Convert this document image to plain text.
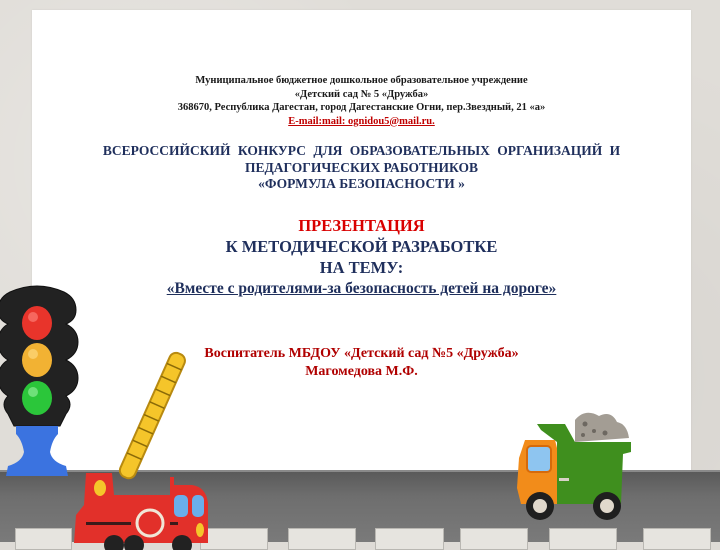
Муниципальное бюджетное дошкольное образовательное учреждение
«Детский сад № 5 «Дружба»
368670, Республика Дагестан, город Дагестанские Огни, пер.Звездный, 21 «а»
E-mail:mail: ognidou5@mail.ru.
ВСЕРОССИЙСКИЙ КОНКУРС ДЛЯ ОБРАЗОВАТЕЛЬНЫХ ОРГАНИЗАЦИЙ И
ПЕДАГОГИЧЕСКИХ РАБОТНИКОВ
«ФОРМУЛА БЕЗОПАСНОСТИ »
ПРЕЗЕНТАЦИЯ
К МЕТОДИЧЕСКОЙ РАЗРАБОТКЕ
НА ТЕМУ:
«Вместе с родителями-за безопасность детей на дороге»
Воспитатель МБДОУ «Детский сад №5 «Дружба»
Магомедова М.Ф.
